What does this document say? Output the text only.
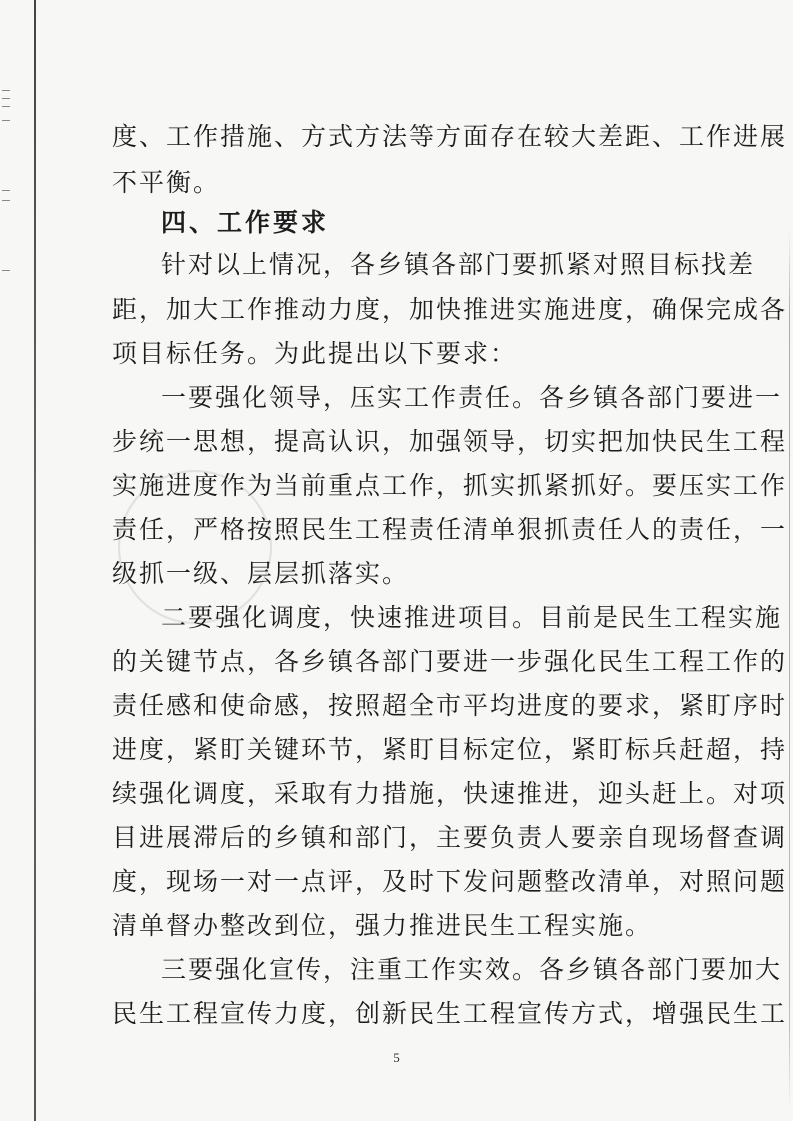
度、工作措施、方式方法等方面存在较大差距、工作进展
不平衡。
四、工作要求
针对以上情况，各乡镇各部门要抓紧对照目标找差
距，加大工作推动力度，加快推进实施进度，确保完成各
项目标任务。为此提出以下要求：
一要强化领导，压实工作责任。各乡镇各部门要进一
步统一思想，提高认识，加强领导，切实把加快民生工程
实施进度作为当前重点工作，抓实抓紧抓好。要压实工作
责任，严格按照民生工程责任清单狠抓责任人的责任，一
级抓一级、层层抓落实。
二要强化调度，快速推进项目。目前是民生工程实施
的关键节点，各乡镇各部门要进一步强化民生工程工作的
责任感和使命感，按照超全市平均进度的要求，紧盯序时
进度，紧盯关键环节，紧盯目标定位，紧盯标兵赶超，持
续强化调度，采取有力措施，快速推进，迎头赶上。对项
目进展滞后的乡镇和部门，主要负责人要亲自现场督查调
度，现场一对一点评，及时下发问题整改清单，对照问题
清单督办整改到位，强力推进民生工程实施。
三要强化宣传，注重工作实效。各乡镇各部门要加大
民生工程宣传力度，创新民生工程宣传方式，增强民生工
5
